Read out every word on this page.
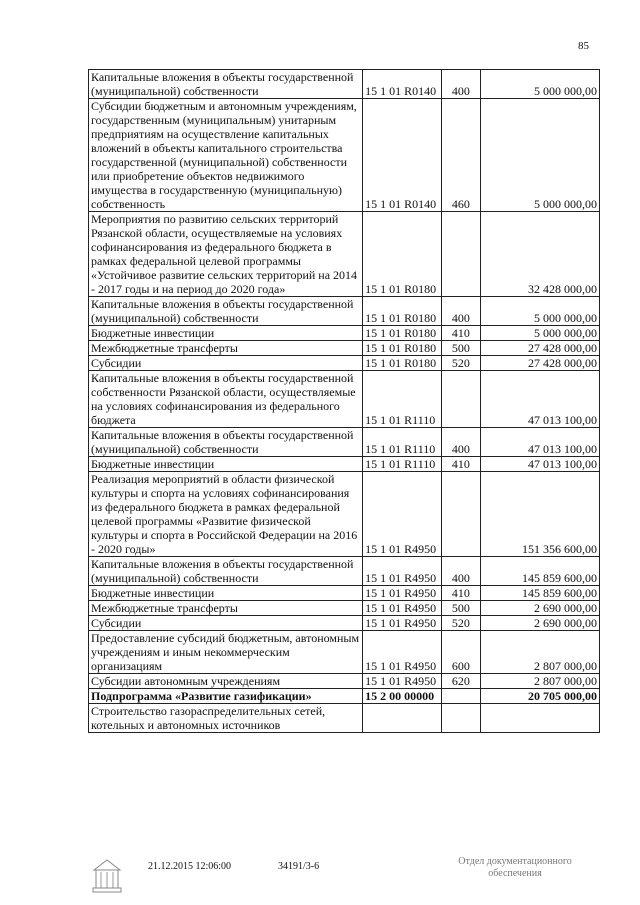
85
Капитальные вложения в объекты государственной (муниципальной) собственности	15 1 01 R0140	400	5 000 000,00
Субсидии бюджетным и автономным учреждениям, государственным (муниципальным) унитарным предприятиям на осуществление капитальных вложений в объекты капитального строительства государственной (муниципальной) собственности или приобретение объектов недвижимого имущества в государственную (муниципальную) собственность	15 1 01 R0140	460	5 000 000,00
Мероприятия по развитию сельских территорий Рязанской области, осуществляемые на условиях софинансирования из федерального бюджета в рамках федеральной целевой программы «Устойчивое развитие сельских территорий на 2014 - 2017 годы и на период до 2020 года»	15 1 01 R0180		32 428 000,00
Капитальные вложения в объекты государственной (муниципальной) собственности	15 1 01 R0180	400	5 000 000,00
Бюджетные инвестиции	15 1 01 R0180	410	5 000 000,00
Межбюджетные трансферты	15 1 01 R0180	500	27 428 000,00
Субсидии	15 1 01 R0180	520	27 428 000,00
Капитальные вложения в объекты государственной собственности Рязанской области, осуществляемые на условиях софинансирования из федерального бюджета	15 1 01 R1110		47 013 100,00
Капитальные вложения в объекты государственной (муниципальной) собственности	15 1 01 R1110	400	47 013 100,00
Бюджетные инвестиции	15 1 01 R1110	410	47 013 100,00
Реализация мероприятий в области физической культуры и спорта на условиях софинансирования из федерального бюджета в рамках федеральной целевой программы «Развитие физической культуры и спорта в Российской Федерации на 2016 - 2020 годы»	15 1 01 R4950		151 356 600,00
Капитальные вложения в объекты государственной (муниципальной) собственности	15 1 01 R4950	400	145 859 600,00
Бюджетные инвестиции	15 1 01 R4950	410	145 859 600,00
Межбюджетные трансферты	15 1 01 R4950	500	2 690 000,00
Субсидии	15 1 01 R4950	520	2 690 000,00
Предоставление субсидий бюджетным, автономным учреждениям и иным некоммерческим организациям	15 1 01 R4950	600	2 807 000,00
Субсидии автономным учреждениям	15 1 01 R4950	620	2 807 000,00
Подпрограмма «Развитие газификации»	15 2 00 00000		20 705 000,00
Строительство газораспределительных сетей, котельных и автономных источников			
21.12.2015 12:06:00	34191/3-6	Отдел документационного
обеспечения
